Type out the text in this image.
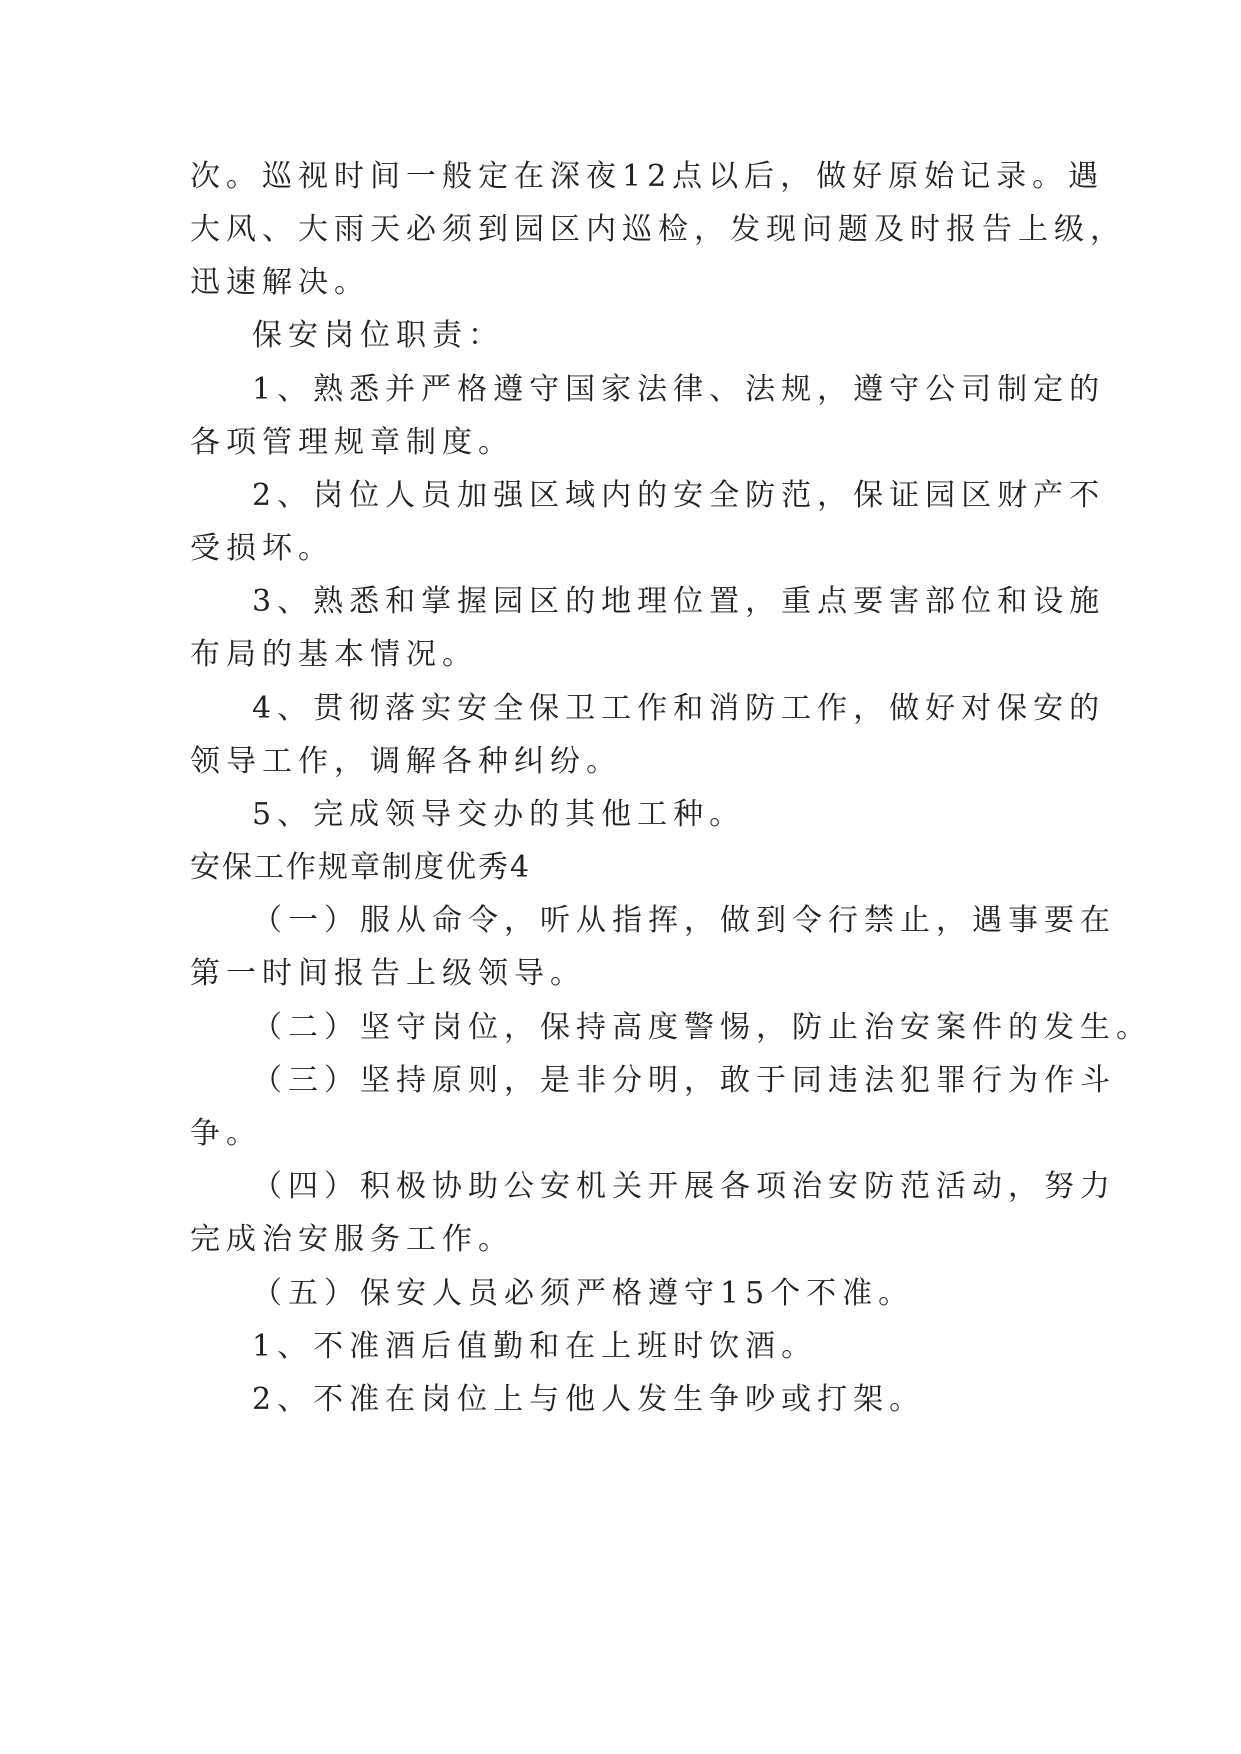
次。巡视时间一般定在深夜12点以后，做好原始记录。遇
大风、大雨天必须到园区内巡检，发现问题及时报告上级，
迅速解决。
保安岗位职责：
1、熟悉并严格遵守国家法律、法规，遵守公司制定的
各项管理规章制度。
2、岗位人员加强区域内的安全防范，保证园区财产不
受损坏。
3、熟悉和掌握园区的地理位置，重点要害部位和设施
布局的基本情况。
4、贯彻落实安全保卫工作和消防工作，做好对保安的
领导工作，调解各种纠纷。
5、完成领导交办的其他工种。
安保工作规章制度优秀4
（一）服从命令，听从指挥，做到令行禁止，遇事要在
第一时间报告上级领导。
（二）坚守岗位，保持高度警惕，防止治安案件的发生。
（三）坚持原则，是非分明，敢于同违法犯罪行为作斗
争。
（四）积极协助公安机关开展各项治安防范活动，努力
完成治安服务工作。
（五）保安人员必须严格遵守15个不准。
1、不准酒后值勤和在上班时饮酒。
2、不准在岗位上与他人发生争吵或打架。
